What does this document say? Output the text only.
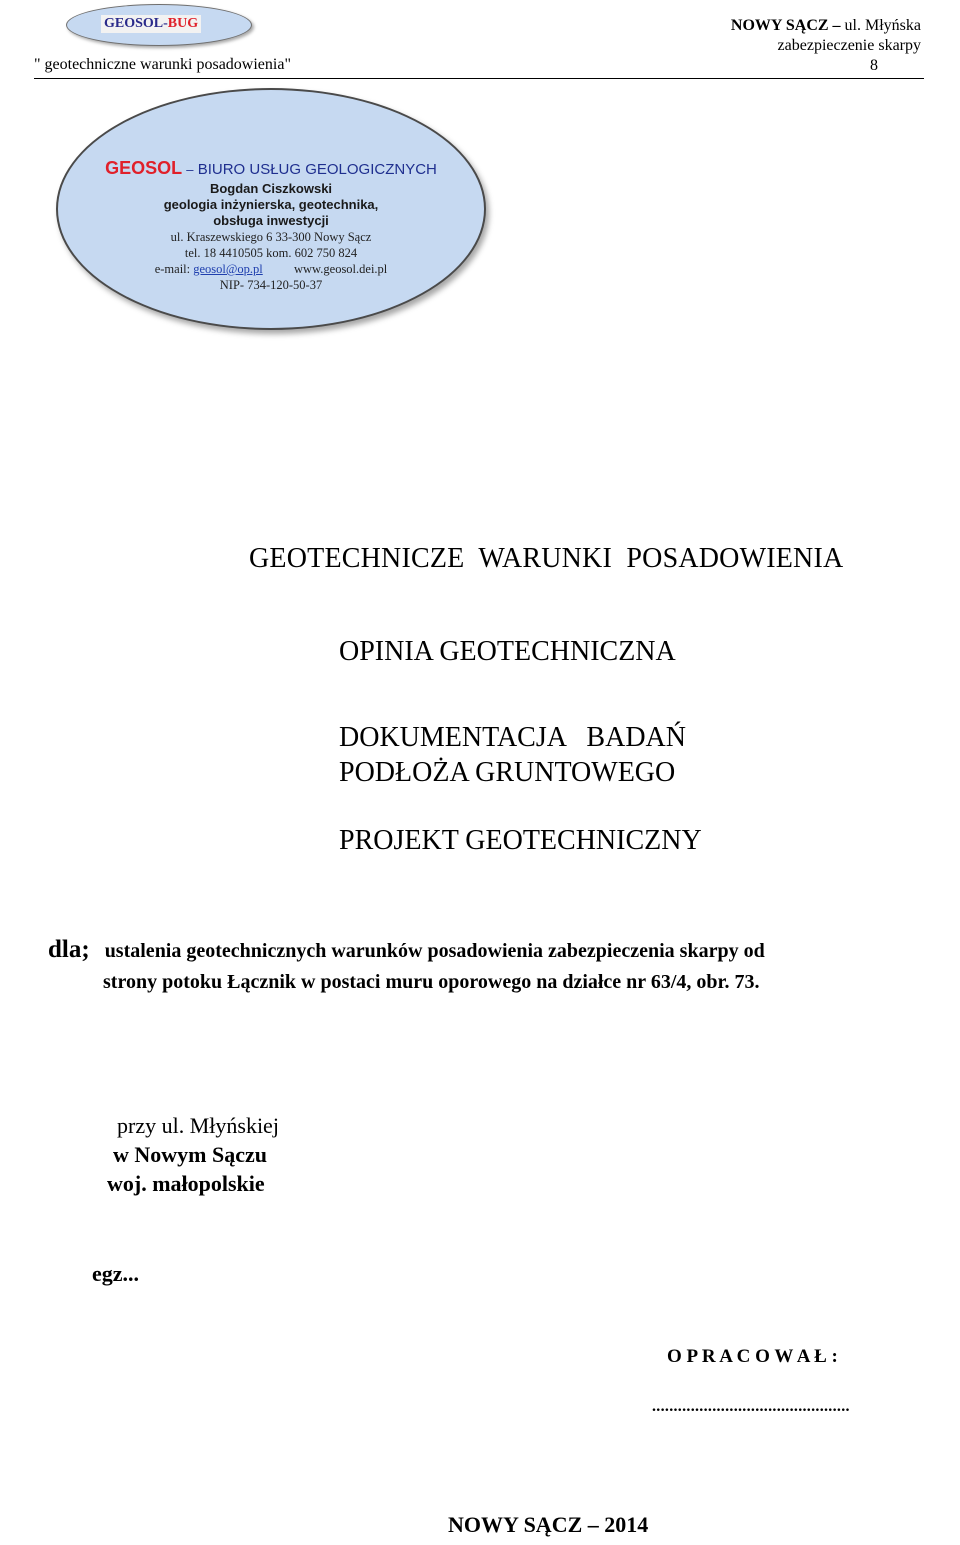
GEOSOL-BUG
" geotechniczne warunki posadowienia"
NOWY SĄCZ – ul. Młyńska
zabezpieczenie skarpy
8
GEOSOL – BIURO USŁUG GEOLOGICZNYCH
Bogdan Ciszkowski
geologia inżynierska, geotechnika,
obsługa inwestycji
ul. Kraszewskiego 6 33-300 Nowy Sącz
tel. 18 4410505 kom. 602 750 824
e-mail: geosol@op.pl	www.geosol.dei.pl
NIP- 734-120-50-37
GEOTECHNICZE  WARUNKI  POSADOWIENIA
OPINIA GEOTECHNICZNA
DOKUMENTACJA   BADAŃ
PODŁOŻA GRUNTOWEGO
PROJEKT GEOTECHNICZNY
dla; ustalenia geotechnicznych warunków posadowienia zabezpieczenia skarpy od
strony potoku Łącznik w postaci muru oporowego na działce nr 63/4, obr. 73.
przy ul. Młyńskiej
w Nowym Sączu
woj. małopolskie
egz...
O P R A C O W A Ł :
..............................................
NOWY SĄCZ – 2014
